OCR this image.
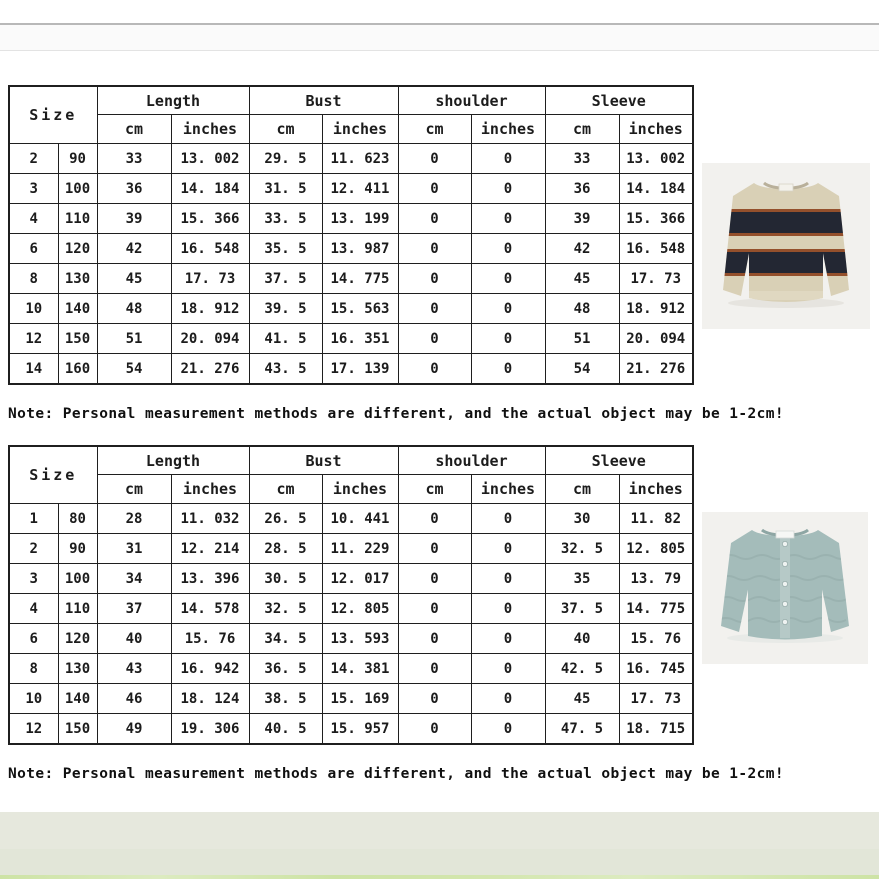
Size		Length		Bust		shoulder		Sleeve	
		cm	inches	cm	inches	cm	inches	cm	inches
2	90	33	13. 002	29. 5	11. 623	0	0	33	13. 002
3	100	36	14. 184	31. 5	12. 411	0	0	36	14. 184
4	110	39	15. 366	33. 5	13. 199	0	0	39	15. 366
6	120	42	16. 548	35. 5	13. 987	0	0	42	16. 548
8	130	45	17. 73	37. 5	14. 775	0	0	45	17. 73
10	140	48	18. 912	39. 5	15. 563	0	0	48	18. 912
12	150	51	20. 094	41. 5	16. 351	0	0	51	20. 094
14	160	54	21. 276	43. 5	17. 139	0	0	54	21. 276

Note: Personal measurement methods are different, and the actual object may be 1-2cm!

Size		Length		Bust		shoulder		Sleeve	
		cm	inches	cm	inches	cm	inches	cm	inches
1	80	28	11. 032	26. 5	10. 441	0	0	30	11. 82
2	90	31	12. 214	28. 5	11. 229	0	0	32. 5	12. 805
3	100	34	13. 396	30. 5	12. 017	0	0	35	13. 79
4	110	37	14. 578	32. 5	12. 805	0	0	37. 5	14. 775
6	120	40	15. 76	34. 5	13. 593	0	0	40	15. 76
8	130	43	16. 942	36. 5	14. 381	0	0	42. 5	16. 745
10	140	46	18. 124	38. 5	15. 169	0	0	45	17. 73
12	150	49	19. 306	40. 5	15. 957	0	0	47. 5	18. 715

Note: Personal measurement methods are different, and the actual object may be 1-2cm!
